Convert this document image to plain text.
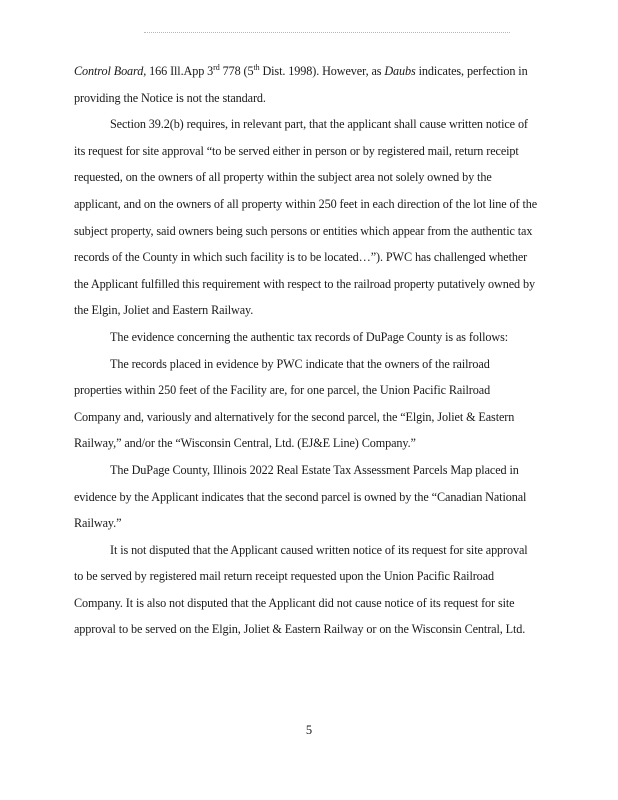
Control Board, 166 Ill.App 3rd 778 (5th Dist. 1998). However, as Daubs indicates, perfection in

providing the Notice is not the standard.

Section 39.2(b) requires, in relevant part, that the applicant shall cause written notice of

its request for site approval “to be served either in person or by registered mail, return receipt

requested, on the owners of all property within the subject area not solely owned by the

applicant, and on the owners of all property within 250 feet in each direction of the lot line of the

subject property, said owners being such persons or entities which appear from the authentic tax

records of the County in which such facility is to be located…”). PWC has challenged whether

the Applicant fulfilled this requirement with respect to the railroad property putatively owned by

the Elgin, Joliet and Eastern Railway.

The evidence concerning the authentic tax records of DuPage County is as follows:

The records placed in evidence by PWC indicate that the owners of the railroad

properties within 250 feet of the Facility are, for one parcel, the Union Pacific Railroad

Company and, variously and alternatively for the second parcel, the “Elgin, Joliet & Eastern

Railway,” and/or the “Wisconsin Central, Ltd. (EJ&E Line) Company.”

The DuPage County, Illinois 2022 Real Estate Tax Assessment Parcels Map placed in

evidence by the Applicant indicates that the second parcel is owned by the “Canadian National

Railway.”

It is not disputed that the Applicant caused written notice of its request for site approval

to be served by registered mail return receipt requested upon the Union Pacific Railroad

Company. It is also not disputed that the Applicant did not cause notice of its request for site

approval to be served on the Elgin, Joliet & Eastern Railway or on the Wisconsin Central, Ltd.

5
